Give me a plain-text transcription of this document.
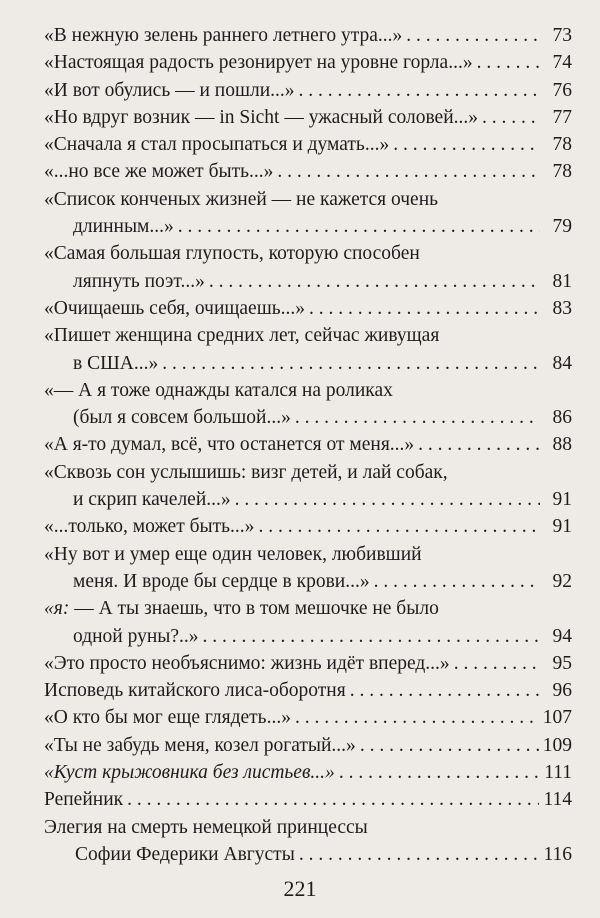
«В нежную зелень раннего летнего утра...» . . .	73
«Настоящая радость резонирует на уровне горла...» . . .	74
«И вот обулись — и пошли...» . . .	76
«Но вдруг возник — in Sicht — ужасный соловей...» . . .	77
«Сначала я стал просыпаться и думать...» . . .	78
«...но все же может быть...» . . .	78
«Список конченых жизней — не кажется очень
длинным...» . . .	79
«Самая большая глупость, которую способен
ляпнуть поэт...» . . .	81
«Очищаешь себя, очищаешь...» . . .	83
«Пишет женщина средних лет, сейчас живущая
в США...» . . .	84
«— А я тоже однажды катался на роликах
(был я совсем большой...» . . .	86
«А я-то думал, всё, что останется от меня...» . . .	88
«Сквозь сон услышишь: визг детей, и лай собак,
и скрип качелей...» . . .	91
«...только, может быть...» . . .	91
«Ну вот и умер еще один человек, любивший
меня. И вроде бы сердце в крови...» . . .	92
«я: — А ты знаешь, что в том мешочке не было
одной руны?..» . . .	94
«Это просто необъяснимо: жизнь идёт вперед...» . . .	95
Исповедь китайского лиса-оборотня . . .	96
«О кто бы мог еще глядеть...» . . .	107
«Ты не забудь меня, козел рогатый...» . . .	109
«Куст крыжовника без листьев...» . . .	111
Репейник . . .	114
Элегия на смерть немецкой принцессы
Софии Федерики Августы . . .	116
221
